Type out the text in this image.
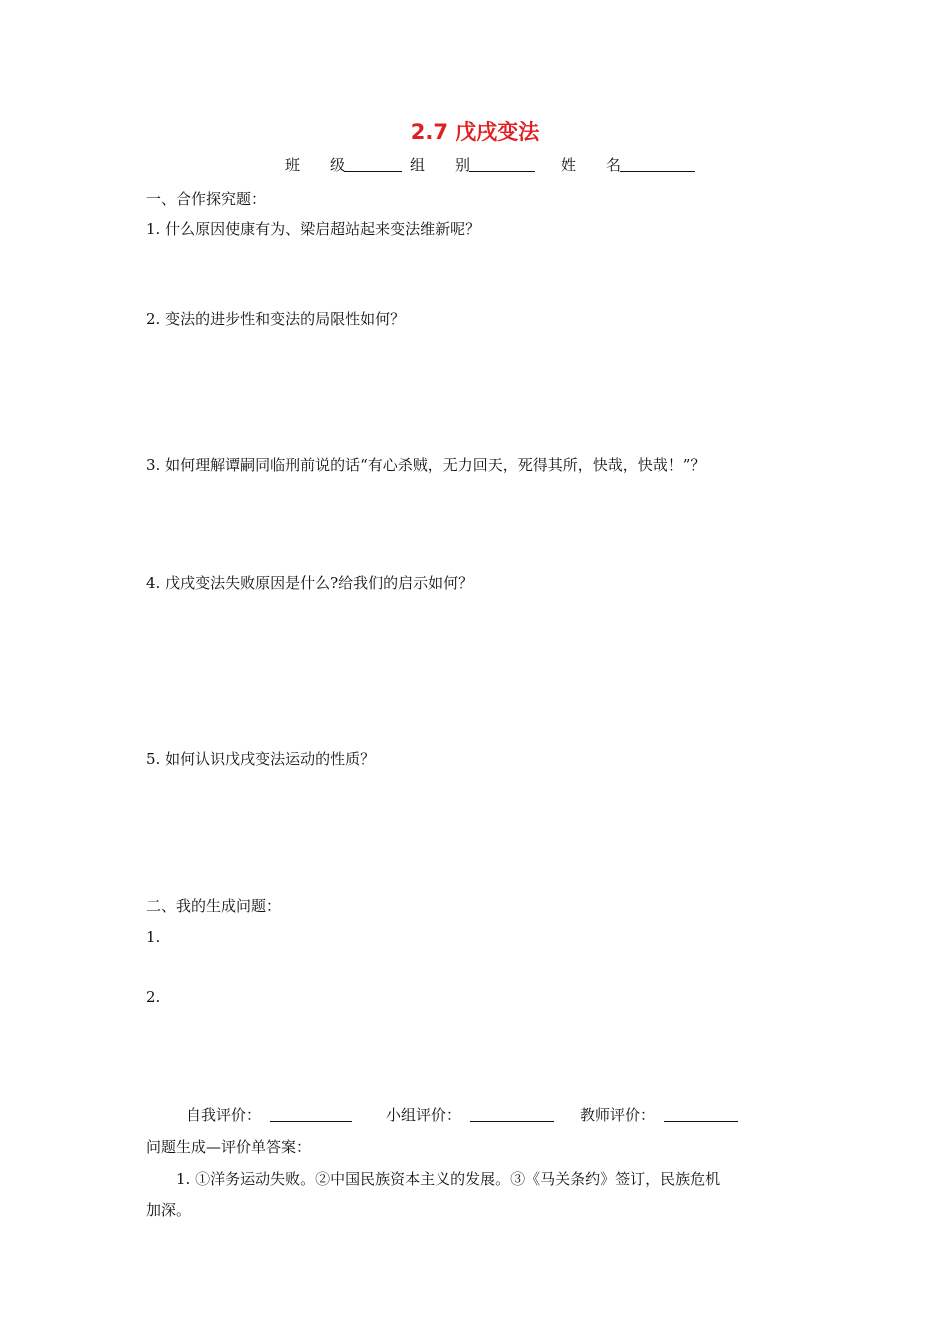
2.7 戊戌变法
班　　级	组　　别	姓　　名
一、合作探究题：
1. 什么原因使康有为、梁启超站起来变法维新呢？
2. 变法的进步性和变法的局限性如何？
3. 如何理解谭嗣同临刑前说的话“有心杀贼，无力回天，死得其所，快哉，快哉！”？
4. 戊戌变法失败原因是什么?给我们的启示如何？
5. 如何认识戊戌变法运动的性质？
二、我的生成问题：
1.
2.
自我评价：	小组评价：	教师评价：
问题生成—评价单答案：
1. ①洋务运动失败。②中国民族资本主义的发展。③《马关条约》签订，民族危机
加深。
